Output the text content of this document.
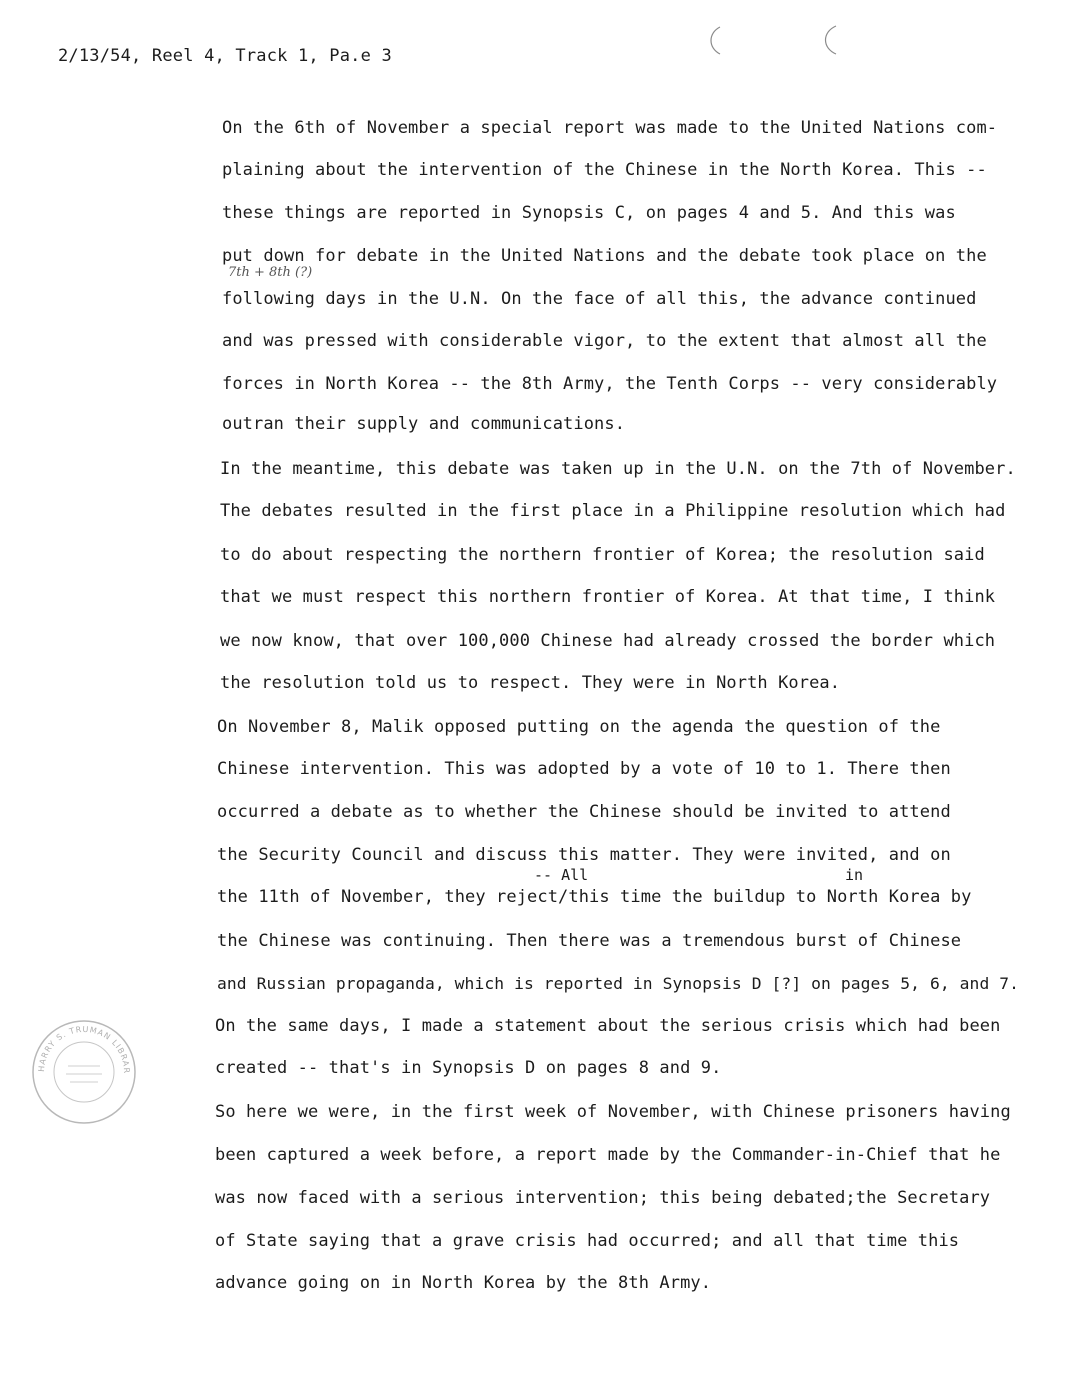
2/13/54, Reel 4, Track 1, Pa.e 3
On the 6th of November a special report was made to the United Nations com-
plaining about the intervention of the Chinese in the North Korea. This --
these things are reported in Synopsis C, on pages 4 and 5. And this was
put down for debate in the United Nations and the debate took place on the
following days in the U.N. On the face of all this, the advance continued
and was pressed with considerable vigor, to the extent that almost all the
forces in North Korea -- the 8th Army, the Tenth Corps -- very considerably
outran their supply and communications.
In the meantime, this debate was taken up in the U.N. on the 7th of November.
The debates resulted in the first place in a Philippine resolution which had
to do about respecting the northern frontier of Korea; the resolution said
that we must respect this northern frontier of Korea. At that time, I think
we now know, that over 100,000 Chinese had already crossed the border which
the resolution told us to respect. They were in North Korea.
On November 8, Malik opposed putting on the agenda the question of the
Chinese intervention. This was adopted by a vote of 10 to 1. There then
occurred a debate as to whether the Chinese should be invited to attend
the Security Council and discuss this matter. They were invited, and on
the 11th of November, they reject/this time the buildup to North Korea by
the Chinese was continuing. Then there was a tremendous burst of Chinese
and Russian propaganda, which is reported in Synopsis D [?] on pages 5, 6, and 7.
On the same days, I made a statement about the serious crisis which had been
created -- that's in Synopsis D on pages 8 and 9.
So here we were, in the first week of November, with Chinese prisoners having
been captured a week before, a report made by the Commander-in-Chief that he
was now faced with a serious intervention; this being debated;the Secretary
of State saying that a grave crisis had occurred; and all that time this
advance going on in North Korea by the 8th Army.
7th + 8th (?)
-- All	in
HARRY S. TRUMAN LIBRAR
